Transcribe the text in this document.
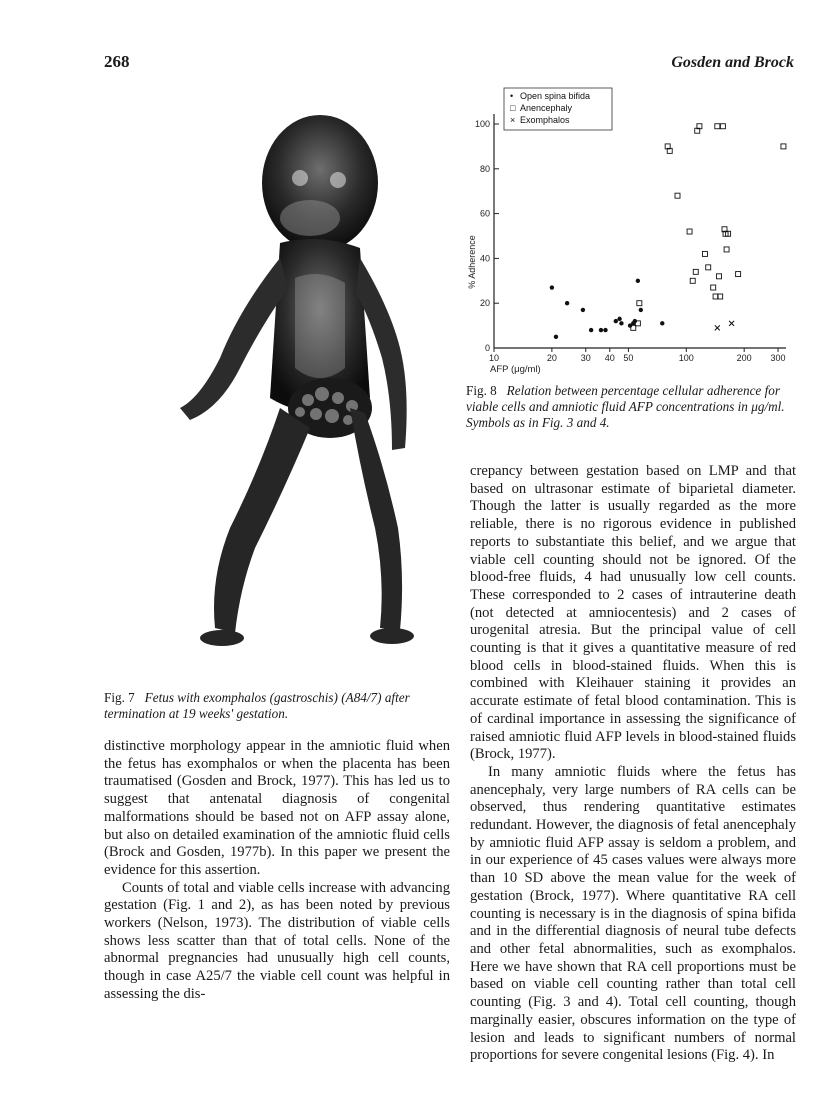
268	Gosden and Brock
Fig. 7 Fetus with exomphalos (gastroschis) (A84/7) after termination at 19 weeks' gestation.

distinctive morphology appear in the amniotic fluid when the fetus has exomphalos or when the placenta has been traumatised (Gosden and Brock, 1977). This has led us to suggest that antenatal diagnosis of congenital malformations should be based not on AFP assay alone, but also on detailed examination of the amniotic fluid cells (Brock and Gosden, 1977b). In this paper we present the evidence for this assertion.

Counts of total and viable cells increase with advancing gestation (Fig. 1 and 2), as has been noted by previous workers (Nelson, 1973). The distribution of viable cells shows less scatter than that of total cells. None of the abnormal pregnancies had unusually high cell counts, though in case A25/7 the viable cell count was helpful in assessing the dis-

0
20
40
60
80
100
10	20	30 40 50	100	200 300
• Open spina bifida
□ Anencephaly
× Exomphalos
% Adherence
AFP (μg/ml)
Fig. 8 Relation between percentage cellular adherence for viable cells and amniotic fluid AFP concentrations in μg/ml. Symbols as in Fig. 3 and 4.

crepancy between gestation based on LMP and that based on ultrasonar estimate of biparietal diameter. Though the latter is usually regarded as the more reliable, there is no rigorous evidence in published reports to substantiate this belief, and we argue that viable cell counting should not be ignored. Of the blood-free fluids, 4 had unusually low cell counts. These corresponded to 2 cases of intrauterine death (not detected at amniocentesis) and 2 cases of urogenital atresia. But the principal value of cell counting is that it gives a quantitative measure of red blood cells in blood-stained fluids. When this is combined with Kleihauer staining it provides an accurate estimate of fetal blood contamination. This is of cardinal importance in assessing the significance of raised amniotic fluid AFP levels in blood-stained fluids (Brock, 1977).

In many amniotic fluids where the fetus has anencephaly, very large numbers of RA cells can be observed, thus rendering quantitative estimates redundant. However, the diagnosis of fetal anencephaly by amniotic fluid AFP assay is seldom a problem, and in our experience of 45 cases values were always more than 10 SD above the mean value for the week of gestation (Brock, 1977). Where quantitative RA cell counting is necessary is in the diagnosis of spina bifida and in the differential diagnosis of neural tube defects and other fetal abnormalities, such as exomphalos. Here we have shown that RA cell proportions must be based on viable cell counting rather than total cell counting (Fig. 3 and 4). Total cell counting, though marginally easier, obscures information on the type of lesion and leads to significant numbers of normal proportions for severe congenital lesions (Fig. 4). In
